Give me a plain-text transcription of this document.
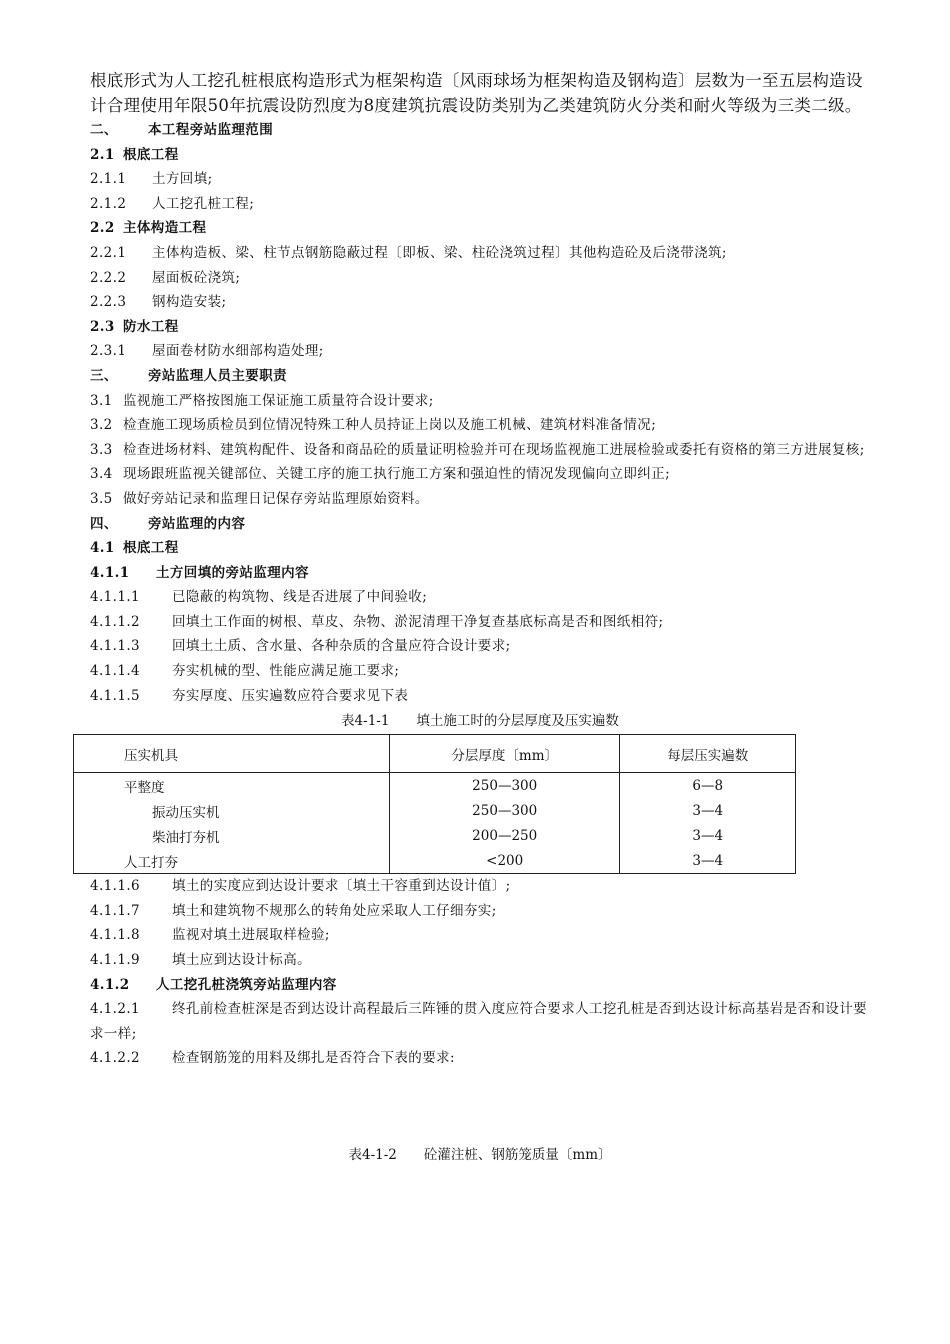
根底形式为人工挖孔桩根底构造形式为框架构造〔风雨球场为框架构造及钢构造〕层数为一至五层构造设计合理使用年限50年抗震设防烈度为8度建筑抗震设防类别为乙类建筑防火分类和耐火等级为三类二级。

二、 本工程旁站监理范围

2.1 根底工程

2.1.1 土方回填;

2.1.2 人工挖孔桩工程;

2.2 主体构造工程

2.2.1 主体构造板、梁、柱节点钢筋隐蔽过程〔即板、梁、柱砼浇筑过程〕其他构造砼及后浇带浇筑;

2.2.2 屋面板砼浇筑;

2.2.3 钢构造安装;

2.3 防水工程

2.3.1 屋面卷材防水细部构造处理;

三、 旁站监理人员主要职责

3.1 监视施工严格按图施工保证施工质量符合设计要求;

3.2 检查施工现场质检员到位情况特殊工种人员持证上岗以及施工机械、建筑材料准备情况;

3.3 检查进场材料、建筑构配件、设备和商品砼的质量证明检验并可在现场监视施工进展检验或委托有资格的第三方进展复核;

3.4 现场跟班监视关键部位、关键工序的施工执行施工方案和强迫性的情况发现偏向立即纠正;

3.5 做好旁站记录和监理日记保存旁站监理原始资料。

四、 旁站监理的内容

4.1 根底工程

4.1.1 土方回填的旁站监理内容

4.1.1.1 已隐蔽的构筑物、线是否进展了中间验收;

4.1.1.2 回填土工作面的树根、草皮、杂物、淤泥清理干净复查基底标高是否和图纸相符;

4.1.1.3 回填土土质、含水量、各种杂质的含量应符合设计要求;

4.1.1.4 夯实机械的型、性能应满足施工要求;

4.1.1.5 夯实厚度、压实遍数应符合要求见下表

表4-1-1　　填土施工时的分层厚度及压实遍数

压实机具	分层厚度〔mm〕	每层压实遍数
平整度	250—300	6—8
振动压实机	250—300	3—4
柴油打夯机	200—250	3—4
人工打夯	<200	3—4

4.1.1.6 填土的实度应到达设计要求〔填土干容重到达设计值〕;

4.1.1.7 填土和建筑物不规那么的转角处应采取人工仔细夯实;

4.1.1.8 监视对填土进展取样检验;

4.1.1.9 填土应到达设计标高。

4.1.2 人工挖孔桩浇筑旁站监理内容

4.1.2.1 终孔前检查桩深是否到达设计高程最后三阵锤的贯入度应符合要求人工挖孔桩是否到达设计标高基岩是否和设计要求一样;

4.1.2.2 检查钢筋笼的用料及绑扎是否符合下表的要求:

表4-1-2　　砼灌注桩、钢筋笼质量〔mm〕
